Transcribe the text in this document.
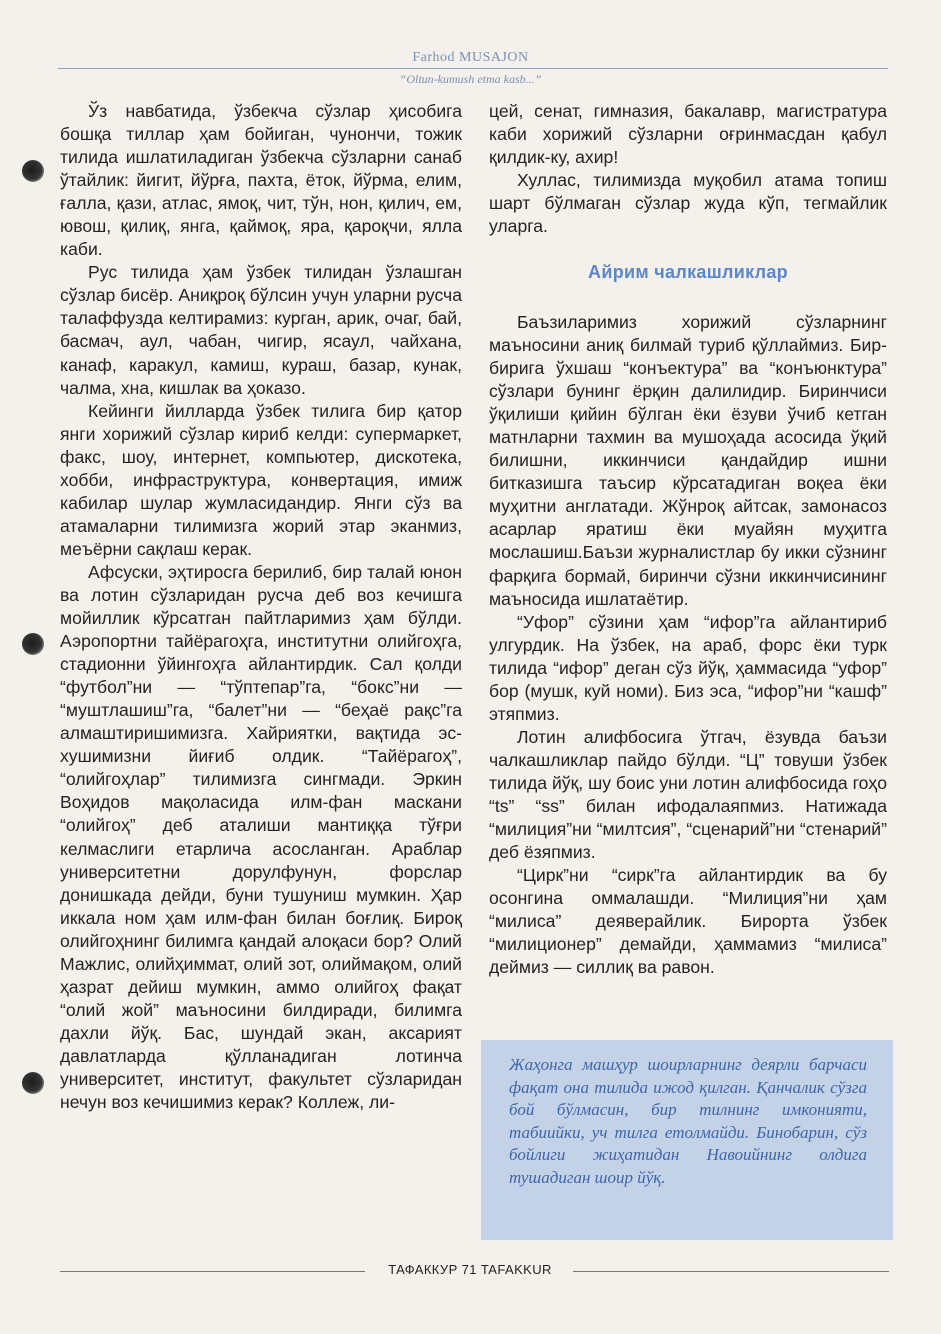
Farhod MUSAJON
“Oltun-kumush etma kasb...”

Ўз навбатида, ўзбекча сўзлар ҳисобига бошқа тиллар ҳам бойиган, чунончи, тожик тилида ишлатиладиган ўзбекча сўзларни санаб ўтайлик: йигит, йўрға, пахта, ёток, йўрма, елим, ғалла, қази, атлас, ямоқ, чит, тўн, нон, қилич, ем, ювош, қилиқ, янга, қаймоқ, яра, қароқчи, ялла каби.

Рус тилида ҳам ўзбек тилидан ўзлашган сўзлар бисёр. Аниқроқ бўлсин учун уларни русча талаффузда келтирамиз: курган, арик, очаг, бай, басмач, аул, чабан, чигир, ясаул, чайхана, канаф, каракул, камиш, кураш, базар, кунак, чалма, хна, кишлак ва ҳоказо.

Кейинги йилларда ўзбек тилига бир қатор янги хорижий сўзлар кириб келди: супермаркет, факс, шоу, интернет, компьютер, дискотека, хобби, инфраструктура, конвертация, имиж кабилар шулар жумласидандир. Янги сўз ва атамаларни тилимизга жорий этар эканмиз, меъёрни сақлаш керак.

Афсуски, эҳтиросга берилиб, бир талай юнон ва лотин сўзларидан русча деб воз кечишга мойиллик кўрсатган пайтларимиз ҳам бўлди. Аэропортни тайёрагоҳга, институтни олийгоҳга, стадионни ўйингоҳга айлантирдик. Сал қолди “футбол”ни — “тўптепар”га, “бокс”ни — “муштлашиш”га, “балет”ни — “беҳаё рақс”га алмаштиришимизга. Хайриятки, вақтида эс-хушимизни йиғиб олдик. “Тайёрагоҳ”, “олийгоҳлар” тилимизга сингмади. Эркин Воҳидов мақоласида илм-фан маскани “олийгоҳ” деб аталиши мантиққа тўғри келмаслиги етарлича асосланган. Араблар университетни дорулфунун, форслар донишкада дейди, буни тушуниш мумкин. Ҳар иккала ном ҳам илм-фан билан боғлиқ. Бироқ олийгоҳнинг билимга қандай алоқаси бор? Олий Мажлис, олийҳиммат, олий зот, олиймақом, олий ҳазрат дейиш мумкин, аммо олийгоҳ фақат “олий жой” маъносини билдиради, билимга дахли йўқ. Бас, шундай экан, аксарият давлатларда қўлланадиган лотинча университет, институт, факультет сўзларидан нечун воз кечишимиз керак? Коллеж, ли-

цей, сенат, гимназия, бакалавр, магистратура каби хорижий сўзларни оғринмасдан қабул қилдик-ку, ахир!

Хуллас, тилимизда муқобил атама топиш шарт бўлмаган сўзлар жуда кўп, тегмайлик уларга.

Айрим чалкашликлар

Баъзиларимиз хорижий сўзларнинг маъносини аниқ билмай туриб қўллаймиз. Бир-бирига ўхшаш “конъектура” ва “конъюнктура” сўзлари бунинг ёрқин далилидир. Биринчиси ўқилиши қийин бўлган ёки ёзуви ўчиб кетган матнларни тахмин ва мушоҳада асосида ўқий билишни, иккинчиси қандайдир ишни битказишга таъсир кўрсатадиган воқеа ёки муҳитни англатади. Жўнроқ айтсак, замонасоз асарлар яратиш ёки муайян муҳитга мослашиш.Баъзи журналистлар бу икки сўзнинг фарқига бормай, биринчи сўзни иккинчисининг маъносида ишлатаётир.

“Уфор” сўзини ҳам “ифор”га айлантириб улгурдик. На ўзбек, на араб, форс ёки турк тилида “ифор” деган сўз йўқ, ҳаммасида “уфор” бор (мушк, куй номи). Биз эса, “ифор”ни “кашф” этяпмиз.

Лотин алифбосига ўтгач, ёзувда баъзи чалкашликлар пайдо бўлди. “Ц” товуши ўзбек тилида йўқ, шу боис уни лотин алифбосида гоҳо “ts” “ss” билан ифодалаяпмиз. Натижада “милиция”ни “милтсия”, “сценарий”ни “стенарий” деб ёзяпмиз.

“Цирк”ни “сирк”га айлантирдик ва бу осонгина оммалашди. “Милиция”ни ҳам “милиса” деяверайлик. Бирорта ўзбек “милиционер” демайди, ҳаммамиз “милиса” деймиз — силлиқ ва равон.

Жаҳонга машҳур шоирларнинг деярли барчаси фақат она тилида ижод қилган. Қанчалик сўзга бой бўлмасин, бир тилнинг имконияти, табиийки, уч тилга етолмайди. Бинобарин, сўз бойлиги жиҳатидан Навоийнинг олдига тушадиган шоир йўқ.
ТАФАККУР 71 TAFAKKUR
